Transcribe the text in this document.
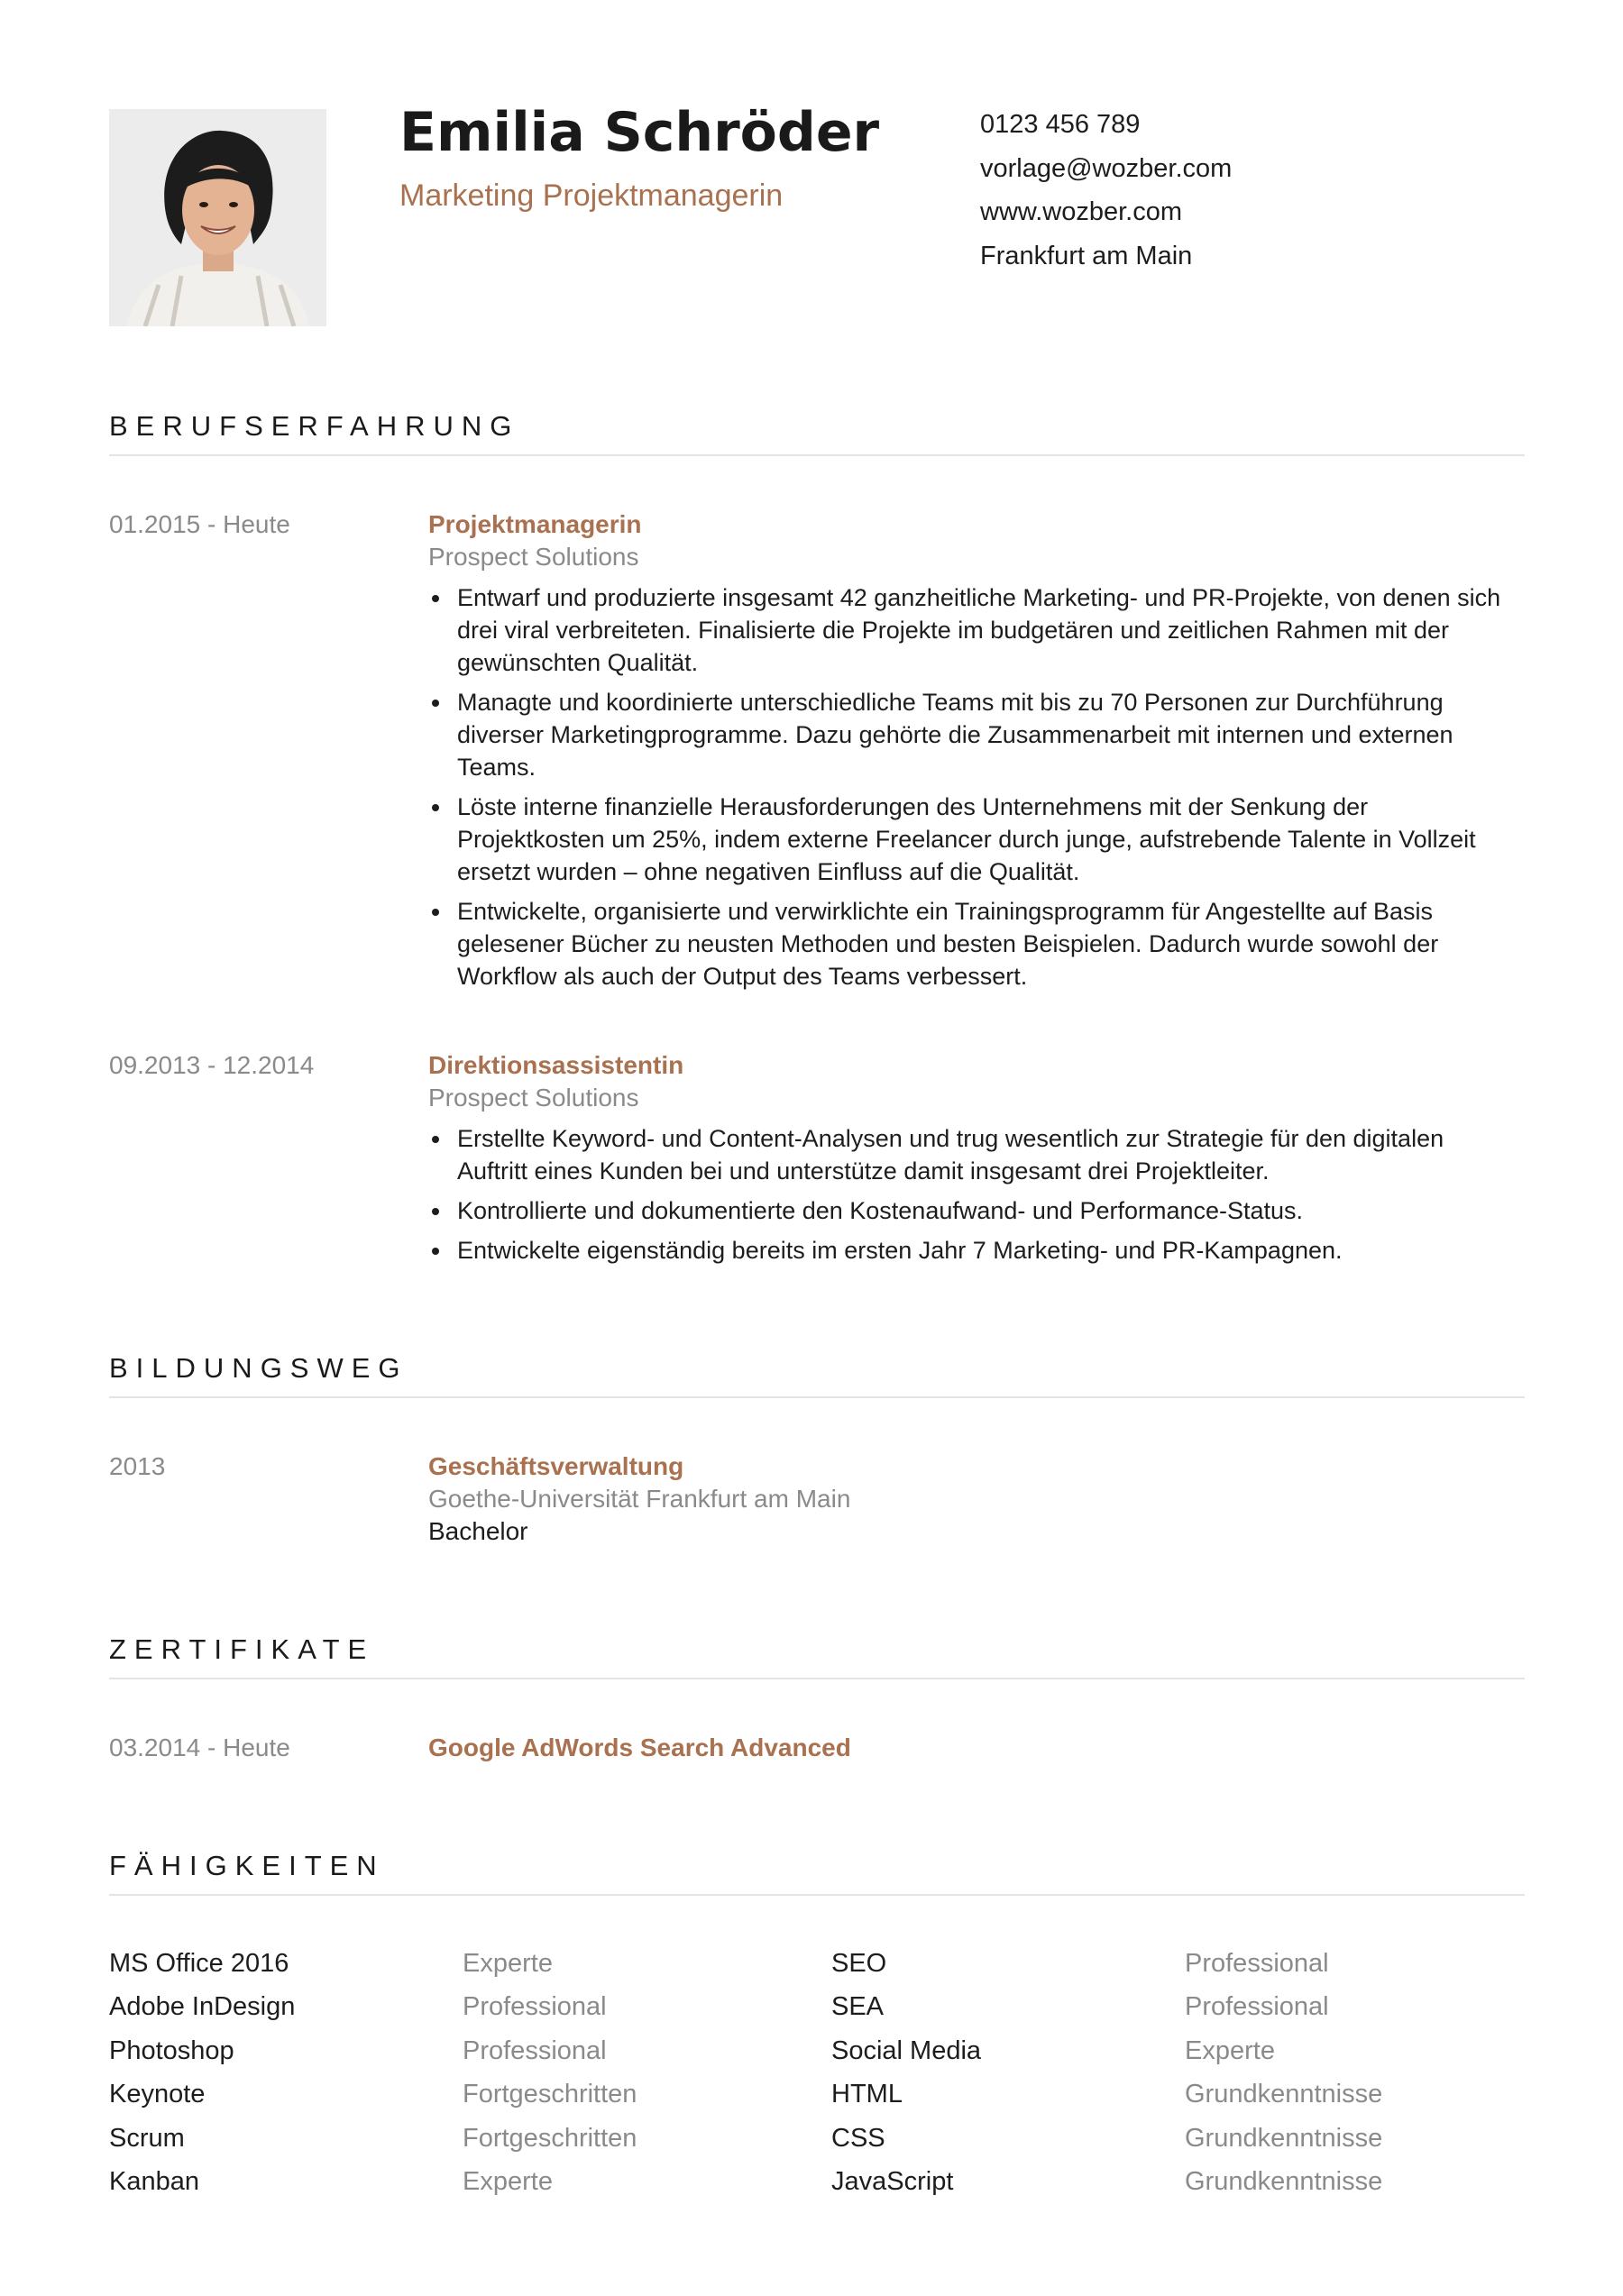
Emilia Schröder
Marketing Projektmanagerin
0123 456 789
vorlage@wozber.com
www.wozber.com
Frankfurt am Main
BERUFSERFAHRUNG
01.2015 - Heute	Projektmanagerin
Prospect Solutions
Entwarf und produzierte insgesamt 42 ganzheitliche Marketing- und PR-Projekte, von denen sich drei viral verbreiteten. Finalisierte die Projekte im budgetären und zeitlichen Rahmen mit der gewünschten Qualität.
Managte und koordinierte unterschiedliche Teams mit bis zu 70 Personen zur Durchführung diverser Marketingprogramme. Dazu gehörte die Zusammenarbeit mit internen und externen Teams.
Löste interne finanzielle Herausforderungen des Unternehmens mit der Senkung der Projektkosten um 25%, indem externe Freelancer durch junge, aufstrebende Talente in Vollzeit ersetzt wurden – ohne negativen Einfluss auf die Qualität.
Entwickelte, organisierte und verwirklichte ein Trainingsprogramm für Angestellte auf Basis gelesener Bücher zu neusten Methoden und besten Beispielen. Dadurch wurde sowohl der Workflow als auch der Output des Teams verbessert.
09.2013 - 12.2014	Direktionsassistentin
Prospect Solutions
Erstellte Keyword- und Content-Analysen und trug wesentlich zur Strategie für den digitalen Auftritt eines Kunden bei und unterstütze damit insgesamt drei Projektleiter.
Kontrollierte und dokumentierte den Kostenaufwand- und Performance-Status.
Entwickelte eigenständig bereits im ersten Jahr 7 Marketing- und PR-Kampagnen.
BILDUNGSWEG
2013	Geschäftsverwaltung
Goethe-Universität Frankfurt am Main
Bachelor
ZERTIFIKATE
03.2014 - Heute	Google AdWords Search Advanced
FÄHIGKEITEN
MS Office 2016	Experte	SEO	Professional
Adobe InDesign	Professional	SEA	Professional
Photoshop	Professional	Social Media	Experte
Keynote	Fortgeschritten	HTML	Grundkenntnisse
Scrum	Fortgeschritten	CSS	Grundkenntnisse
Kanban	Experte	JavaScript	Grundkenntnisse
